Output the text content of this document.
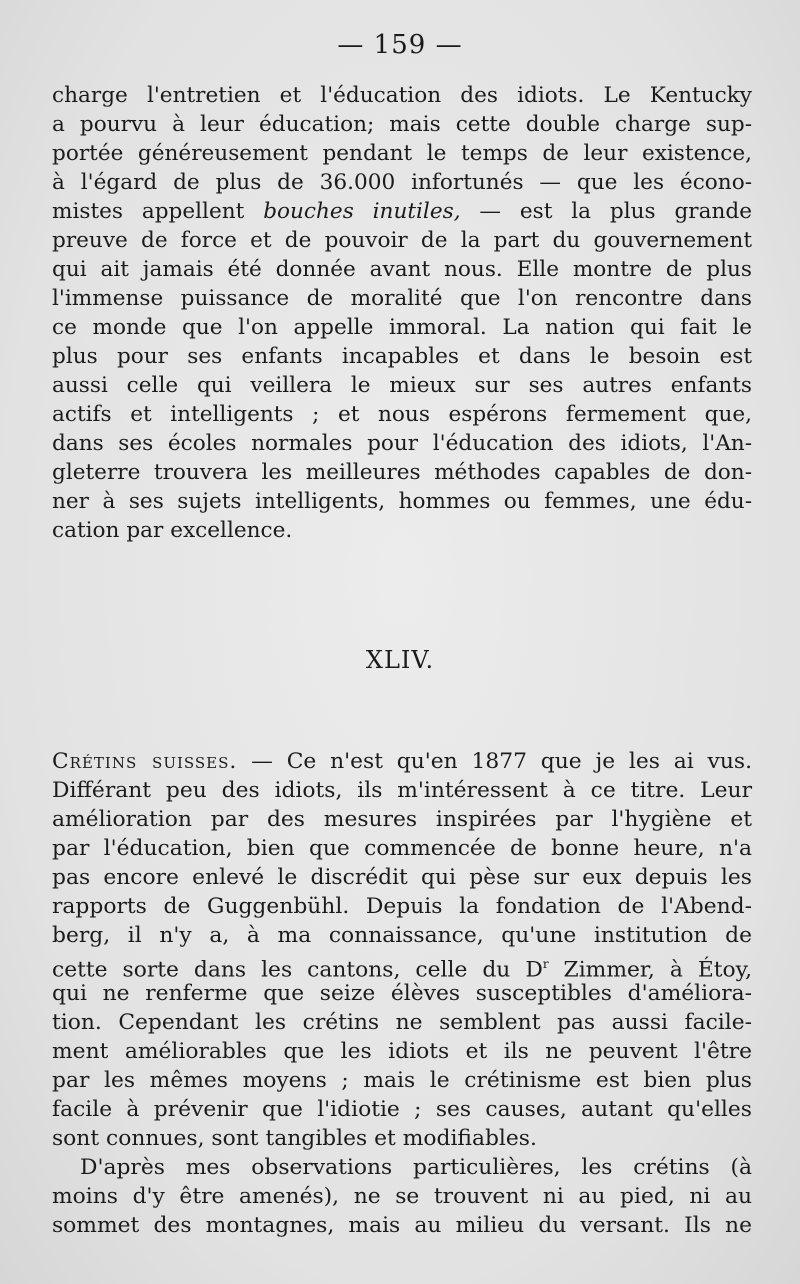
— 159 —
charge l'entretien et l'éducation des idiots. Le Kentucky
a pourvu à leur éducation; mais cette double charge sup-
portée généreusement pendant le temps de leur existence,
à l'égard de plus de 36.000 infortunés — que les écono-
mistes appellent bouches inutiles, — est la plus grande
preuve de force et de pouvoir de la part du gouvernement
qui ait jamais été donnée avant nous. Elle montre de plus
l'immense puissance de moralité que l'on rencontre dans
ce monde que l'on appelle immoral. La nation qui fait le
plus pour ses enfants incapables et dans le besoin est
aussi celle qui veillera le mieux sur ses autres enfants
actifs et intelligents ; et nous espérons fermement que,
dans ses écoles normales pour l'éducation des idiots, l'An-
gleterre trouvera les meilleures méthodes capables de don-
ner à ses sujets intelligents, hommes ou femmes, une édu-
cation par excellence.
XLIV.
Crétins suisses. — Ce n'est qu'en 1877 que je les ai vus.
Différant peu des idiots, ils m'intéressent à ce titre. Leur
amélioration par des mesures inspirées par l'hygiène et
par l'éducation, bien que commencée de bonne heure, n'a
pas encore enlevé le discrédit qui pèse sur eux depuis les
rapports de Guggenbühl. Depuis la fondation de l'Abend-
berg, il n'y a, à ma connaissance, qu'une institution de
cette sorte dans les cantons, celle du $D^r$ Zimmer, à Étoy,
qui ne renferme que seize élèves susceptibles d'améliora-
tion. Cependant les crétins ne semblent pas aussi facile-
ment améliorables que les idiots et ils ne peuvent l'être
par les mêmes moyens ; mais le crétinisme est bien plus
facile à prévenir que l'idiotie ; ses causes, autant qu'elles
sont connues, sont tangibles et modifiables.
D'après mes observations particulières, les crétins (à
moins d'y être amenés), ne se trouvent ni au pied, ni au
sommet des montagnes, mais au milieu du versant. Ils ne
